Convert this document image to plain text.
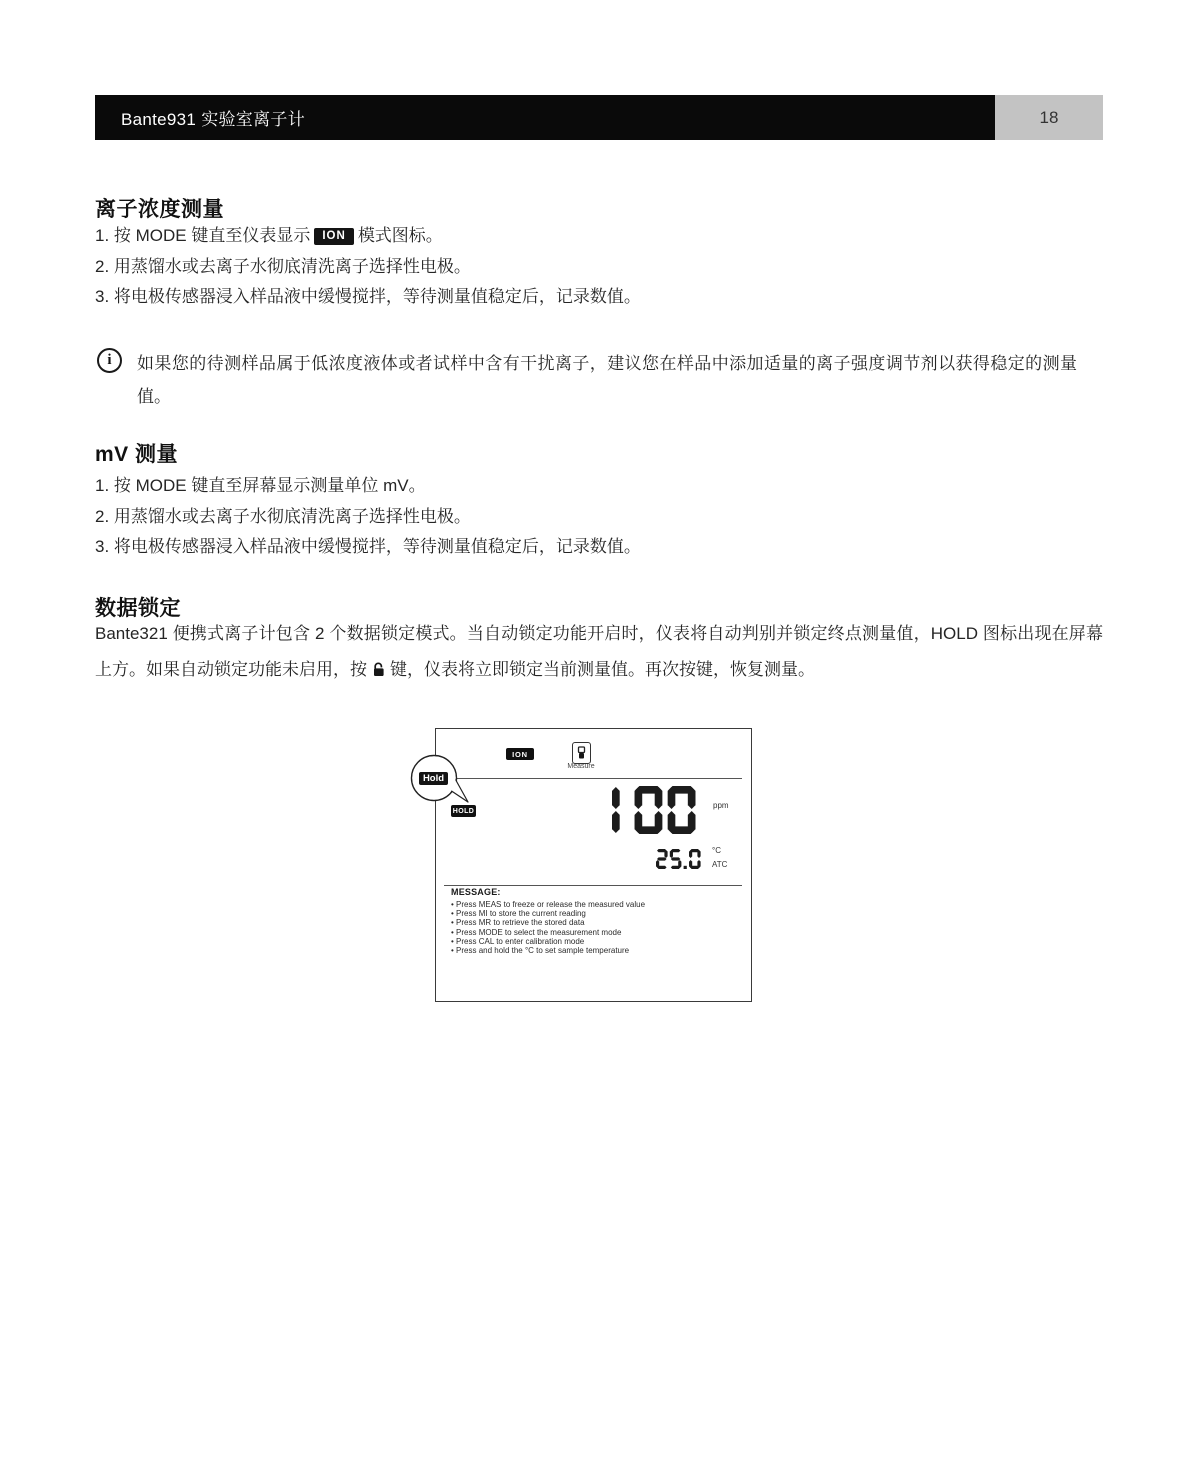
Bante931 实验室离子计	18
离子浓度测量
1. 按 MODE 键直至仪表显示 ION 模式图标。
2. 用蒸馏水或去离子水彻底清洗离子选择性电极。
3. 将电极传感器浸入样品液中缓慢搅拌，等待测量值稳定后，记录数值。
i	如果您的待测样品属于低浓度液体或者试样中含有干扰离子，建议您在样品中添加适量的离子强度调节剂以获得稳定的测量值。
mV 测量
1. 按 MODE 键直至屏幕显示测量单位 mV。
2. 用蒸馏水或去离子水彻底清洗离子选择性电极。
3. 将电极传感器浸入样品液中缓慢搅拌，等待测量值稳定后，记录数值。
数据锁定
Bante321 便携式离子计包含 2 个数据锁定模式。当自动锁定功能开启时，仪表将自动判别并锁定终点测量值，HOLD 图标出现在屏幕上方。如果自动锁定功能未启用，按 键，仪表将立即锁定当前测量值。再次按键，恢复测量。
ION
Measure
HOLD
ppm
°C
ATC
MESSAGE:
• Press MEAS to freeze or release the measured value
• Press MI to store the current reading
• Press MR to retrieve the stored data
• Press MODE to select the measurement mode
• Press CAL to enter calibration mode
• Press and hold the °C to set sample temperature
Hold
